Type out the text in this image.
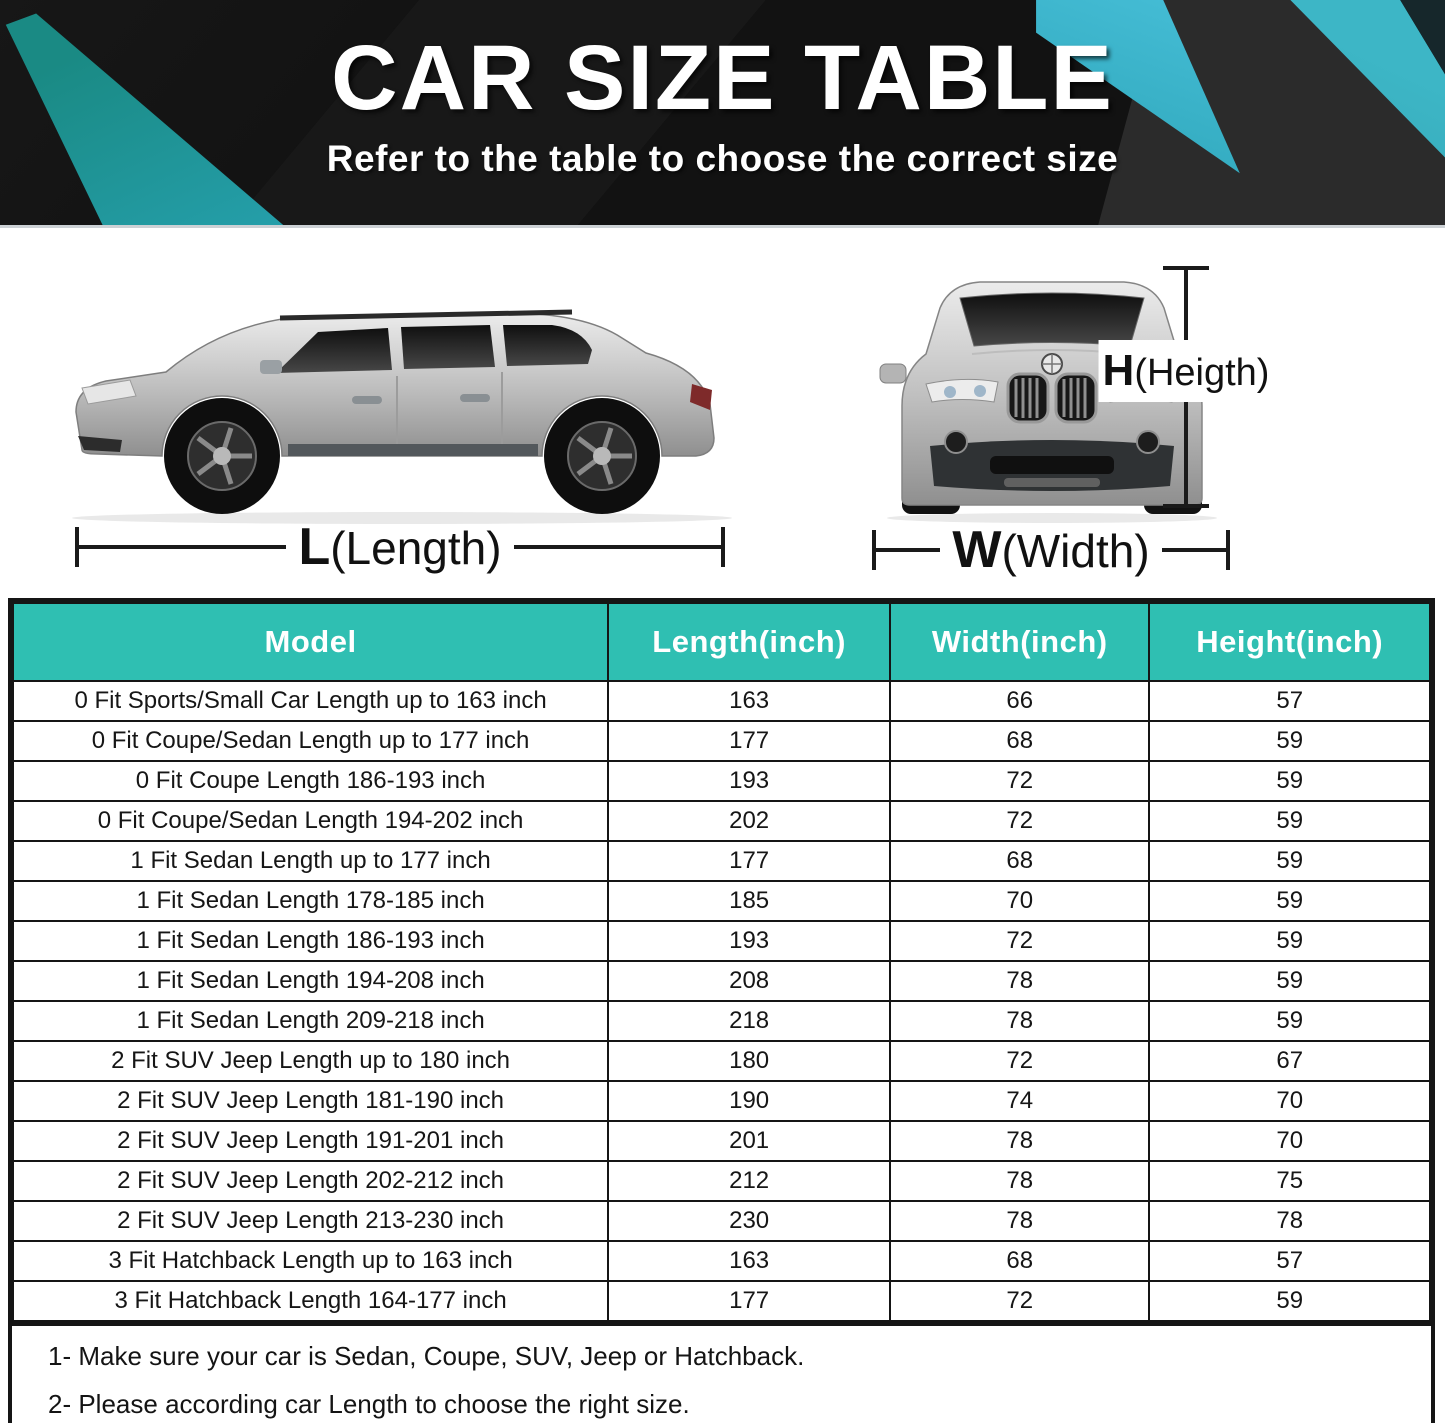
CAR SIZE TABLE

Refer to the table to choose the correct size

L(Length)	W(Width)
H(Heigth)
Model	Length(inch)	Width(inch)	Height(inch)
0 Fit Sports/Small Car Length up to 163 inch	163	66	57
0 Fit Coupe/Sedan Length up to 177 inch	177	68	59
0 Fit Coupe Length 186-193 inch	193	72	59
0 Fit Coupe/Sedan Length 194-202 inch	202	72	59
1 Fit Sedan Length up to 177 inch	177	68	59
1 Fit Sedan Length 178-185 inch	185	70	59
1 Fit Sedan Length 186-193 inch	193	72	59
1 Fit Sedan Length 194-208 inch	208	78	59
1 Fit Sedan Length 209-218 inch	218	78	59
2 Fit SUV Jeep Length up to 180 inch	180	72	67
2 Fit SUV Jeep Length 181-190 inch	190	74	70
2 Fit SUV Jeep Length 191-201 inch	201	78	70
2 Fit SUV Jeep Length 202-212 inch	212	78	75
2 Fit SUV Jeep Length 213-230 inch	230	78	78
3 Fit Hatchback Length up to 163 inch	163	68	57
3 Fit Hatchback Length 164-177 inch	177	72	59

1- Make sure your car is Sedan, Coupe, SUV, Jeep or Hatchback.

2- Please according car Length to choose the right size.
